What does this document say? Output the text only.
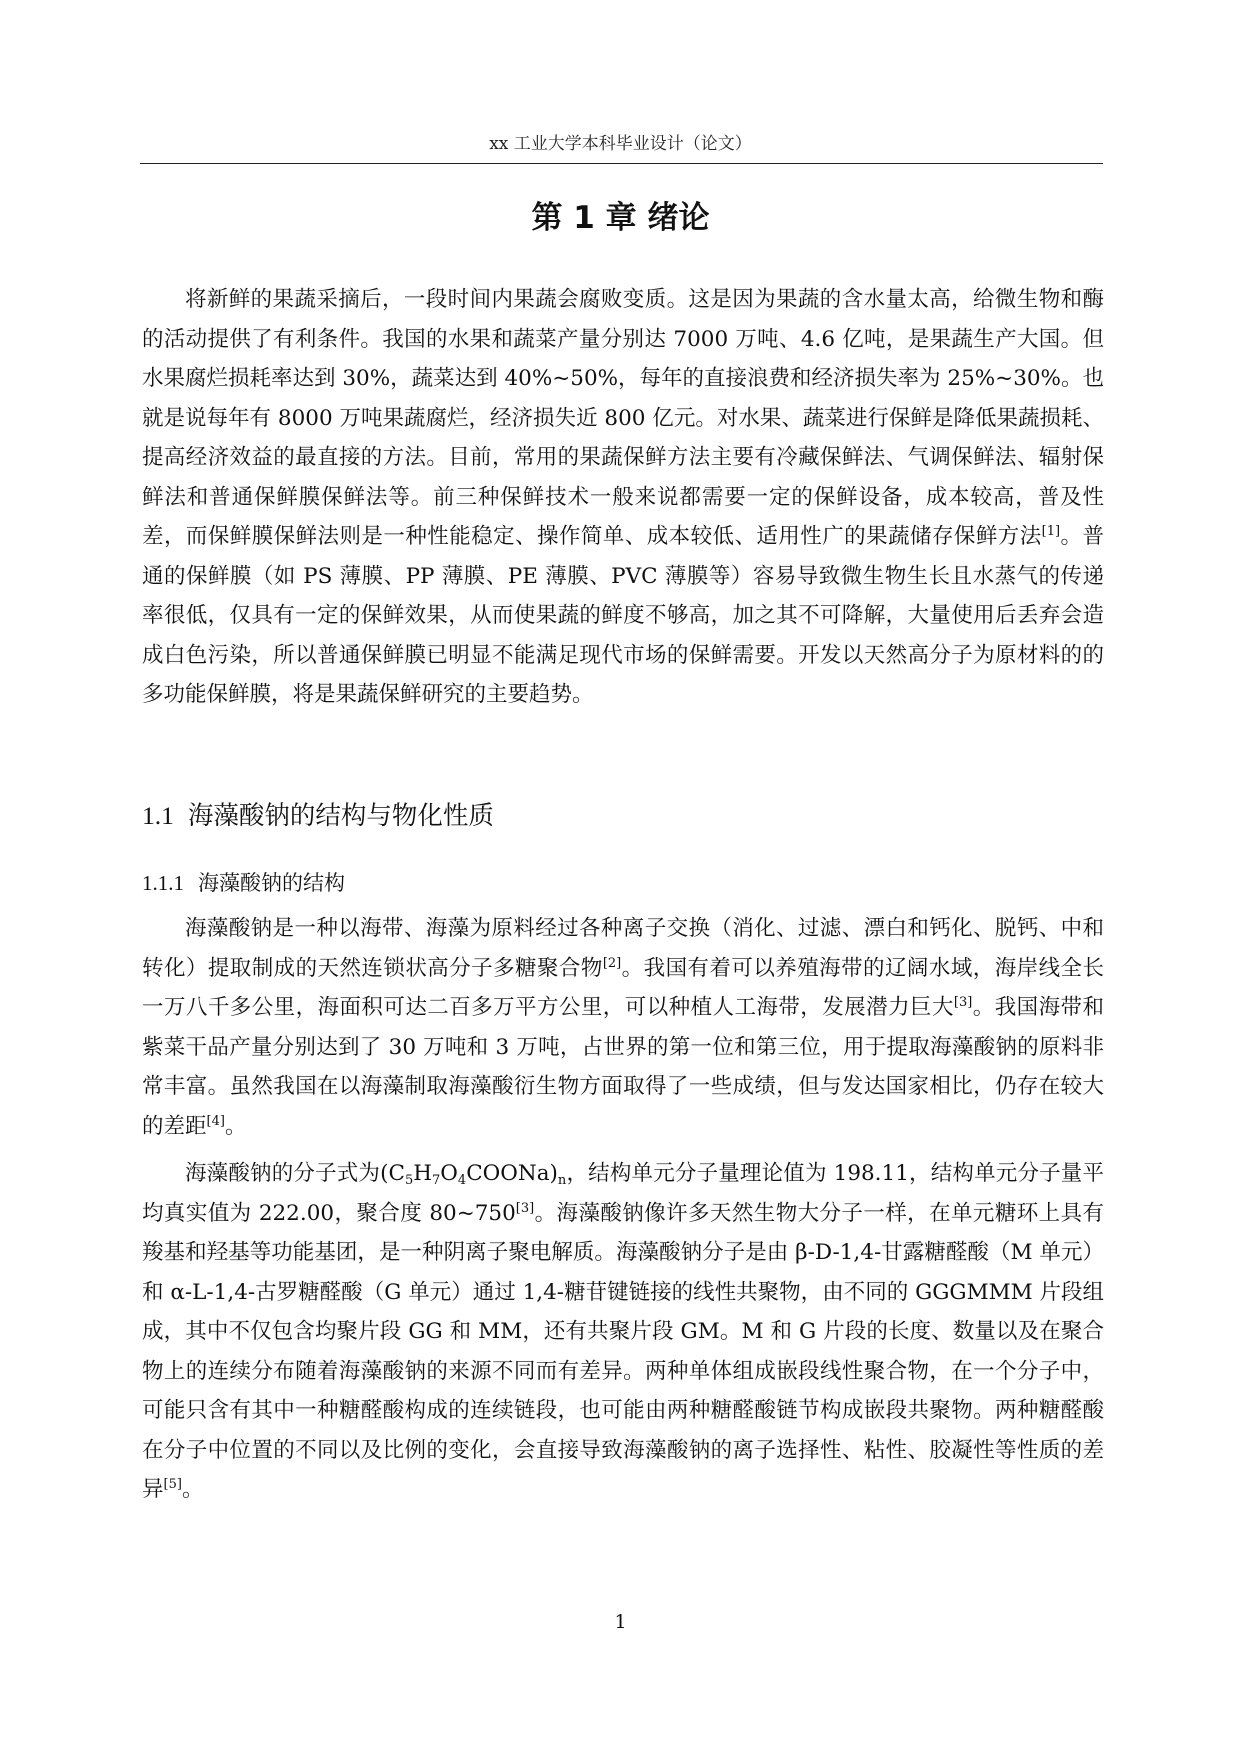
xx 工业大学本科毕业设计（论文）
第 1 章 绪论
将新鲜的果蔬采摘后，一段时间内果蔬会腐败变质。这是因为果蔬的含水量太高，给微生物和酶的活动提供了有利条件。我国的水果和蔬菜产量分别达 7000 万吨、4.6 亿吨，是果蔬生产大国。但水果腐烂损耗率达到 30%，蔬菜达到 40%~50%，每年的直接浪费和经济损失率为 25%~30%。也就是说每年有 8000 万吨果蔬腐烂，经济损失近 800 亿元。对水果、蔬菜进行保鲜是降低果蔬损耗、提高经济效益的最直接的方法。目前，常用的果蔬保鲜方法主要有冷藏保鲜法、气调保鲜法、辐射保鲜法和普通保鲜膜保鲜法等。前三种保鲜技术一般来说都需要一定的保鲜设备，成本较高，普及性差，而保鲜膜保鲜法则是一种性能稳定、操作简单、成本较低、适用性广的果蔬储存保鲜方法[1]。普通的保鲜膜（如 PS 薄膜、PP 薄膜、PE 薄膜、PVC 薄膜等）容易导致微生物生长且水蒸气的传递率很低，仅具有一定的保鲜效果，从而使果蔬的鲜度不够高，加之其不可降解，大量使用后丢弃会造成白色污染，所以普通保鲜膜已明显不能满足现代市场的保鲜需要。开发以天然高分子为原材料的的多功能保鲜膜，将是果蔬保鲜研究的主要趋势。
1.1 海藻酸钠的结构与物化性质
1.1.1 海藻酸钠的结构
海藻酸钠是一种以海带、海藻为原料经过各种离子交换（消化、过滤、漂白和钙化、脱钙、中和转化）提取制成的天然连锁状高分子多糖聚合物[2]。我国有着可以养殖海带的辽阔水域，海岸线全长一万八千多公里，海面积可达二百多万平方公里，可以种植人工海带，发展潜力巨大[3]。我国海带和紫菜干品产量分别达到了 30 万吨和 3 万吨，占世界的第一位和第三位，用于提取海藻酸钠的原料非常丰富。虽然我国在以海藻制取海藻酸衍生物方面取得了一些成绩，但与发达国家相比，仍存在较大的差距[4]。
海藻酸钠的分子式为$(C_5H_7O_4COONa)_n$，结构单元分子量理论值为 198.11，结构单元分子量平均真实值为 222.00，聚合度 80~750[3]。海藻酸钠像许多天然生物大分子一样，在单元糖环上具有羧基和羟基等功能基团，是一种阴离子聚电解质。海藻酸钠分子是由 β-D-1,4-甘露糖醛酸（M 单元）和 α-L-1,4-古罗糖醛酸（G 单元）通过 1,4-糖苷键链接的线性共聚物，由不同的 GGGMMM 片段组成，其中不仅包含均聚片段 GG 和 MM，还有共聚片段 GM。M 和 G 片段的长度、数量以及在聚合物上的连续分布随着海藻酸钠的来源不同而有差异。两种单体组成嵌段线性聚合物，在一个分子中，可能只含有其中一种糖醛酸构成的连续链段，也可能由两种糖醛酸链节构成嵌段共聚物。两种糖醛酸在分子中位置的不同以及比例的变化，会直接导致海藻酸钠的离子选择性、粘性、胶凝性等性质的差异[5]。
1
